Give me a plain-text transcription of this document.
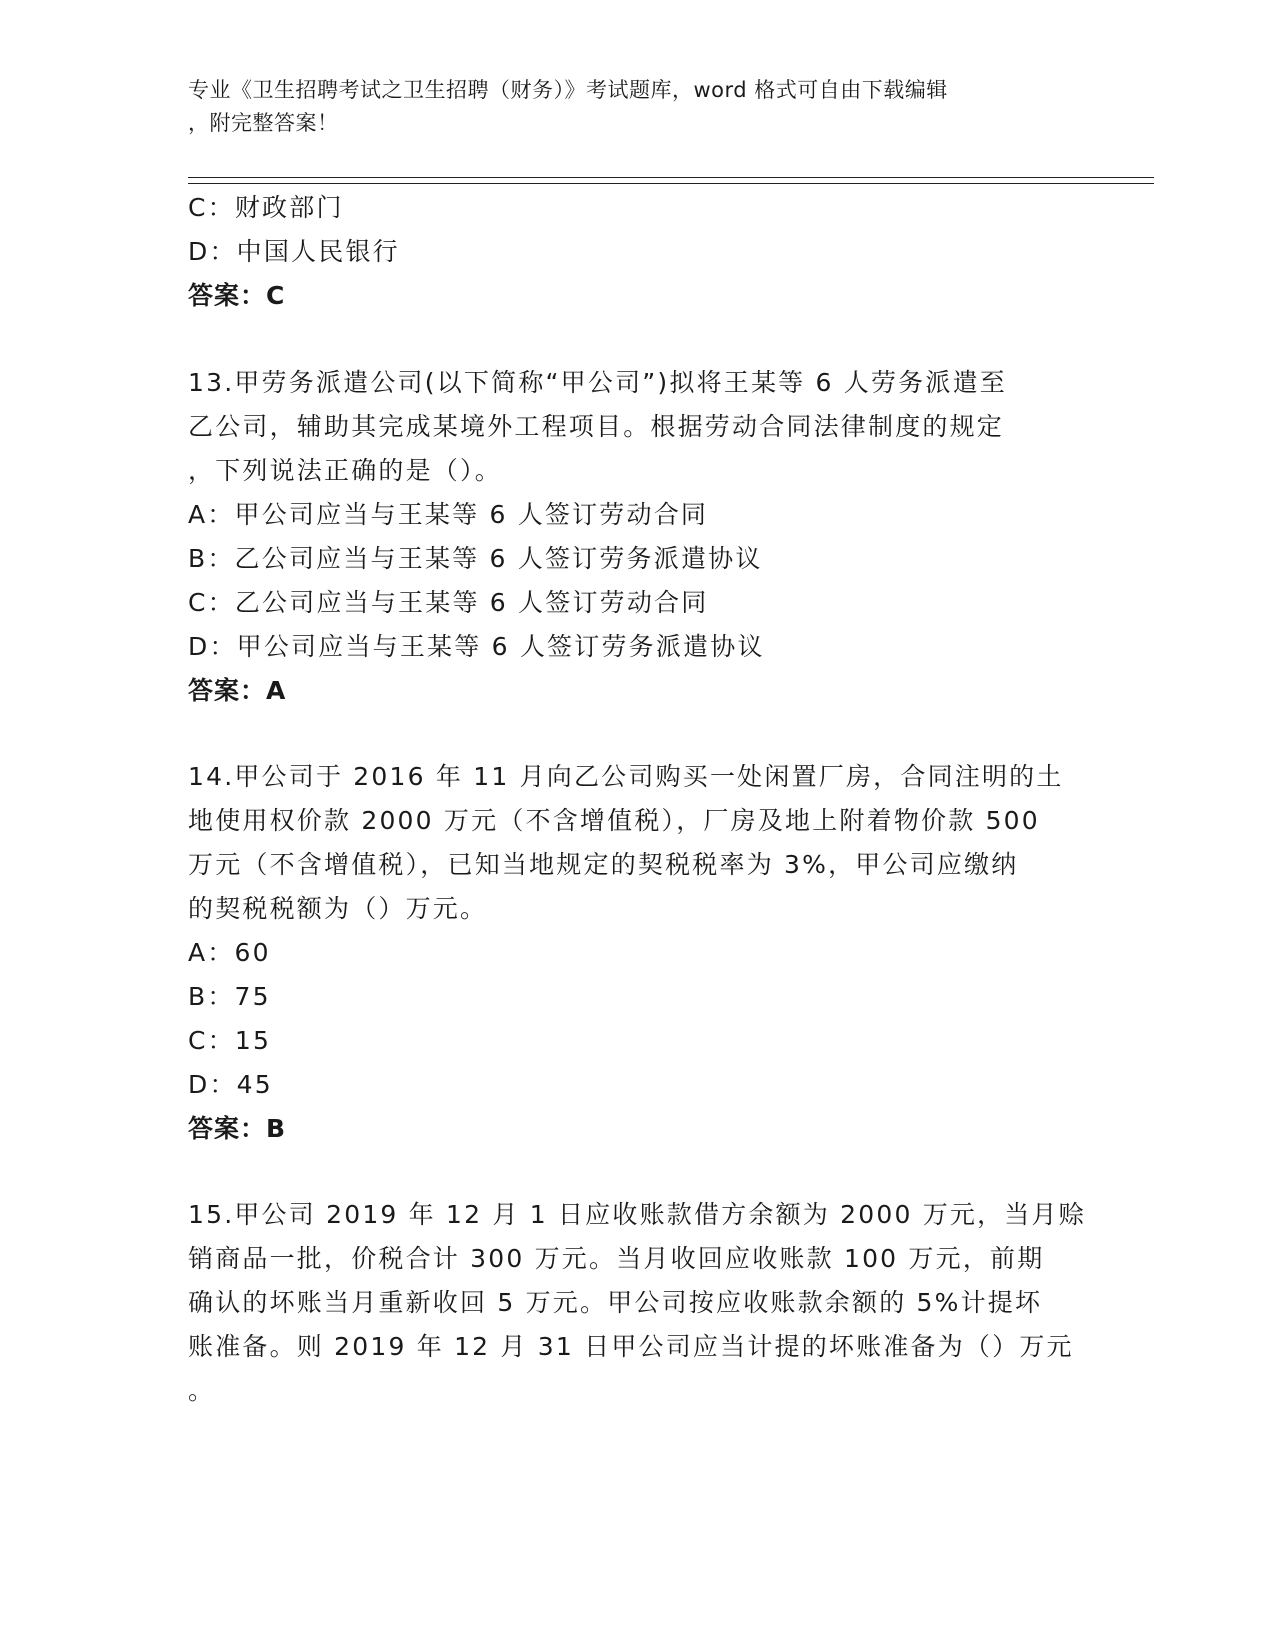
专业《卫生招聘考试之卫生招聘（财务）》考试题库，word 格式可自由下载编辑
，附完整答案！
C：财政部门
D：中国人民银行
答案：C
13.甲劳务派遣公司(以下简称“甲公司”)拟将王某等 6 人劳务派遣至
乙公司，辅助其完成某境外工程项目。根据劳动合同法律制度的规定
，下列说法正确的是（）。
A：甲公司应当与王某等 6 人签订劳动合同
B：乙公司应当与王某等 6 人签订劳务派遣协议
C：乙公司应当与王某等 6 人签订劳动合同
D：甲公司应当与王某等 6 人签订劳务派遣协议
答案：A
14.甲公司于 2016 年 11 月向乙公司购买一处闲置厂房，合同注明的土
地使用权价款 2000 万元（不含增值税），厂房及地上附着物价款 500
万元（不含增值税），已知当地规定的契税税率为 3%，甲公司应缴纳
的契税税额为（）万元。
A：60
B：75
C：15
D：45
答案：B
15.甲公司 2019 年 12 月 1 日应收账款借方余额为 2000 万元，当月赊
销商品一批，价税合计 300 万元。当月收回应收账款 100 万元，前期
确认的坏账当月重新收回 5 万元。甲公司按应收账款余额的 5%计提坏
账准备。则 2019 年 12 月 31 日甲公司应当计提的坏账准备为（）万元
。
